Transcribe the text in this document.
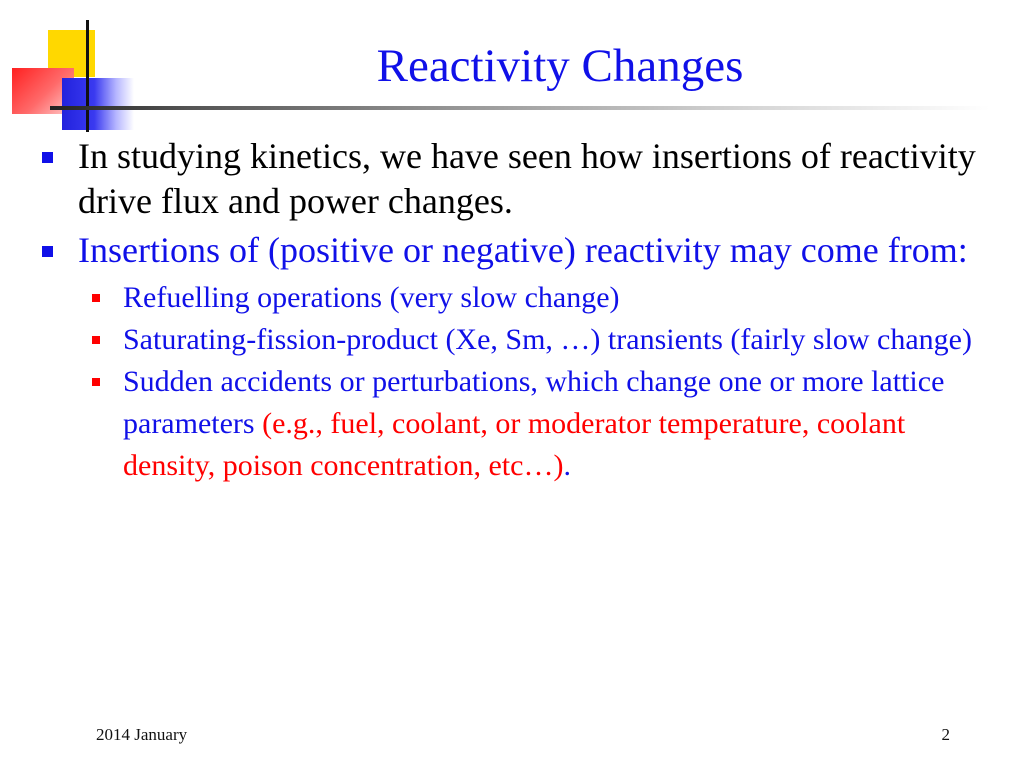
Reactivity Changes
In studying kinetics, we have seen how insertions of reactivity drive flux and power changes.
Insertions of (positive or negative) reactivity may come from:
Refuelling operations (very slow change)
Saturating-fission-product (Xe, Sm, …) transients (fairly slow change)
Sudden accidents or perturbations, which change one or more lattice parameters (e.g., fuel, coolant, or moderator temperature, coolant density, poison concentration, etc…).
2014 January	2
